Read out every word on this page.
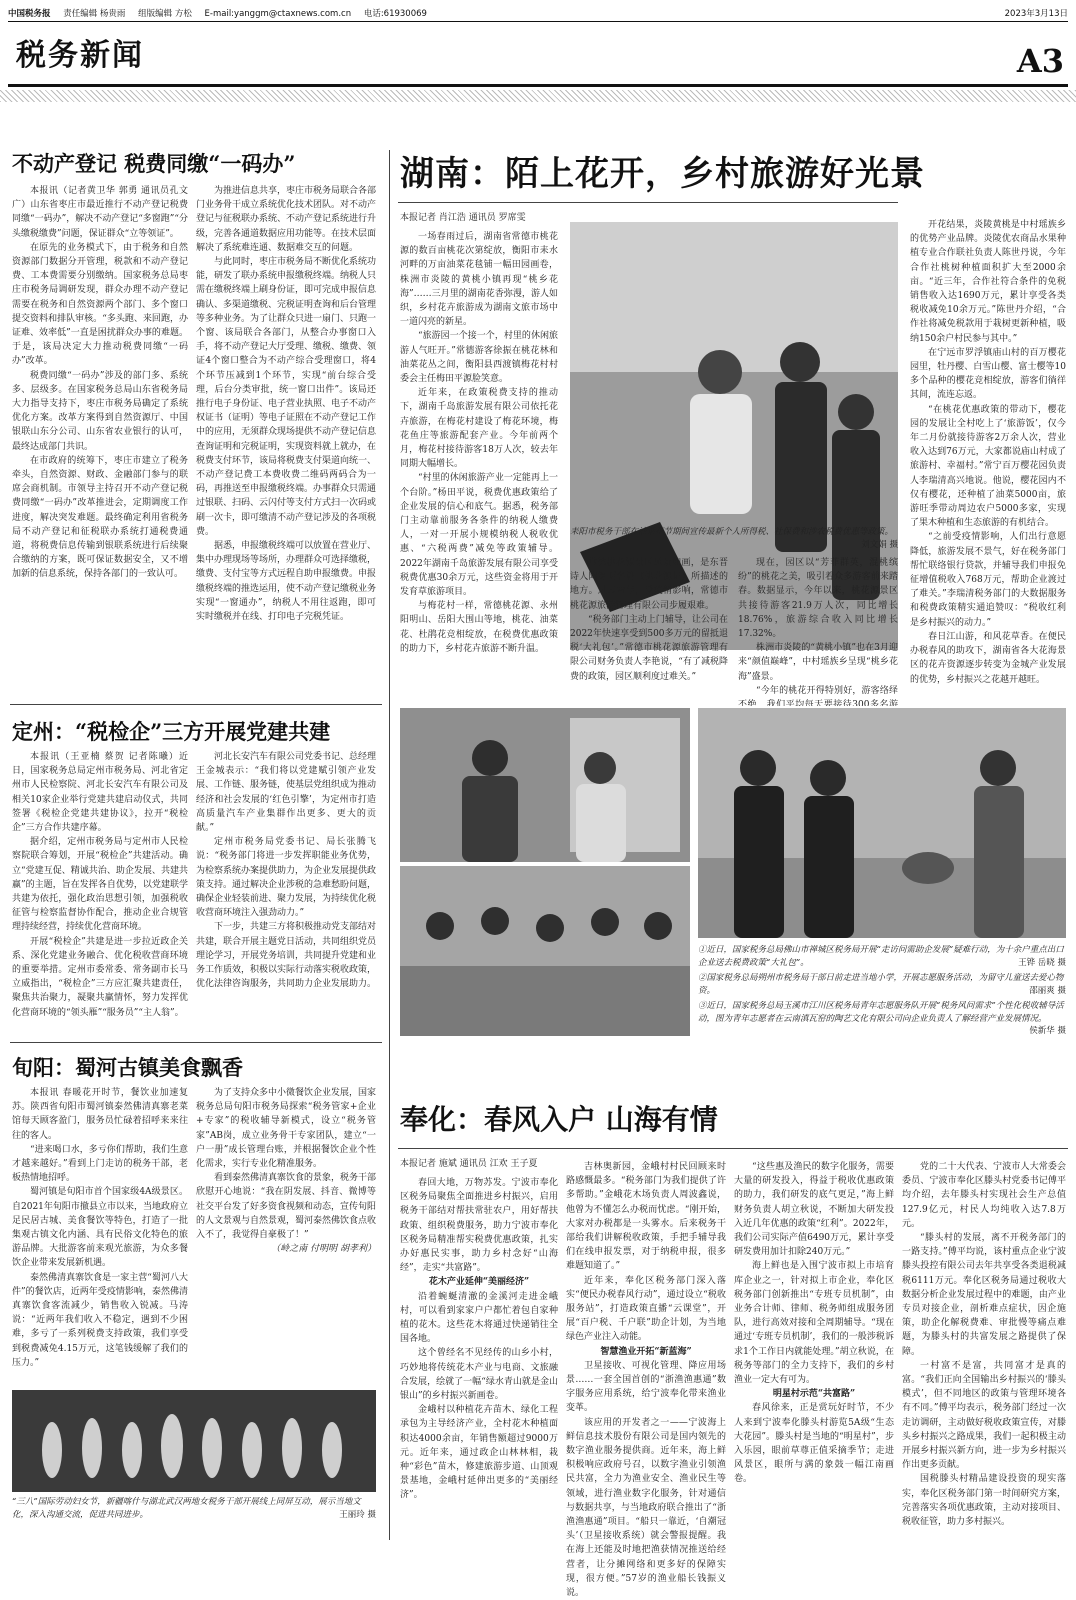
中国税务报 责任编辑 杨贵雨 组版编辑 方松 E-mail:yanggm@ctaxnews.com.cn 电话:61930069	2023年3月13日
税务新闻	A3
不动产登记 税费同缴“一码办”

本报讯（记者黄卫华 郭勇 通讯员孔文广）山东省枣庄市最近推行不动产登记税费同缴“一码办”，解决不动产登记“多窗跑”“分头缴税缴费”问题，保证群众“立等领证”。

在原先的业务模式下，由于税务和自然资源部门数据分开管理，税款和不动产登记费、工本费需要分别缴纳。国家税务总局枣庄市税务局调研发现，群众办理不动产登记需要在税务和自然资源两个部门、多个窗口提交资料和排队审核。“多头跑、来回跑，办证难、效率低”一直是困扰群众办事的难题。于是，该局决定大力推动税费同缴“一码办”改革。

税费同缴“一码办”涉及的部门多、系统多、层级多。在国家税务总局山东省税务局大力指导支持下，枣庄市税务局确定了系统优化方案。改革方案得到自然资源厅、中国银联山东分公司、山东省农业银行的认可，最终达成部门共识。

在市政府的统筹下，枣庄市建立了税务牵头，自然资源、财政、金融部门参与的联席会商机制。市领导主持召开不动产登记税费同缴“一码办”改革推进会，定期调度工作进度，解决突发难题。最终确定利用省税务局不动产登记和征税联办系统打通税费通道，将税费信息传输到银联系统进行后续聚合缴纳的方案，既可保证数据安全，又不增加新的信息系统，保持各部门的一致认可。

为推进信息共享，枣庄市税务局联合各部门业务骨干成立系统优化技术团队。对不动产登记与征税联办系统、不动产登记系统进行升级，完善各通道数据应用功能等。在技术层面解决了系统难连通、数据难交互的问题。

与此同时，枣庄市税务局不断优化系统功能，研发了联办系统申报缴税终端。纳税人只需在缴税终端上刷身份证，即可完成申报信息确认、多渠道缴税、完税证明查询和后台管理等多种业务。为了让群众只进一扇门、只跑一个窗、该局联合各部门，从整合办事窗口入手，将不动产登记大厅受理、缴税、缴费、领证4个窗口整合为不动产综合受理窗口，将4个环节压减到1个环节，实现“前台综合受理，后台分类审批，统一窗口出件”。该局还推行电子身份证、电子营业执照、电子不动产权证书（证明）等电子证照在不动产登记工作中的应用，无须群众现场提供不动产登记信息查询证明和完税证明，实现资料就上就办，在税费支付环节，该局将税费支付渠道向统一、不动产登记费工本费收费二维码两码合为一码，再推送至申报缴税终端。办事群众只需通过银联、扫码、云闪付等支付方式扫一次码或刷一次卡，即可缴清不动产登记涉及的各项税费。

据悉，申报缴税终端可以放置在营业厅、集中办理现场等场所，办理群众可选择缴税，缴费、支付宝等方式远程自助申报缴费。申报缴税终端的推选运用，使不动产登记缴税业务实现“一窗通办”，纳税人不用往返跑，即可实时缴税并在线、打印电子完税凭证。

定州：“税检企”三方开展党建共建

本报讯（王亚楠 蔡贺 记者陈曦）近日，国家税务总局定州市税务局、河北省定州市人民检察院、河北长安汽车有限公司及相关10家企业举行党建共建启动仪式，共同签署《税检企党建共建协议》，拉开“税检企”三方合作共建序幕。

据介绍，定州市税务局与定州市人民检察院联合筹划，开展“税检企”共建活动。确立“党建互促、精诚共治、助企发展、共建共赢”的主题，旨在发挥各自优势，以党建联学共建为依托，强化政治思想引领，加强税收征管与检察监督协作配合，推动企业合规管理持续经营，持续优化营商环境。

开展“税检企”共建是进一步拉近政企关系、深化党建业务融合、优化税收营商环境的重要举措。定州市委常委、常务副市长马立威指出，“税检企”三方应汇聚共建责任，聚焦共治聚力，凝聚共赢情怀，努力发挥优化营商环境的“领头雁”“服务员”“主人翁”。

河北长安汽车有限公司党委书记、总经理王金城表示：“我们将以党建赋引领产业发展、工作链、服务链，使基层党组织成为推动经济和社会发展的‘红色引擎’，为定州市打造高质量汽车产业集群作出更多、更大的贡献。”

定州市税务局党委书记、局长张腾飞说：“税务部门将进一步发挥职能业务优势，为检察系统办案提供助力，为企业发展提供政策支持。通过解决企业涉税的急难愁盼问题，确保企业轻装前进、聚力发展，为持续优化税收营商环境注入强劲动力。”

下一步，共建三方将积极推动党支部结对共建，联合开展主题党日活动，共同组织党员理论学习，开展党务培训，共同提升党建和业务工作质效，积极以实际行动落实税收政策，优化法律咨询服务，共同助力企业发展助力。

旬阳：蜀河古镇美食飘香

本报讯 春暖花开时节，餐饮业加速复苏。陕西省旬阳市蜀河镇泰然佛清真寨老菜馆每天顾客盈门，服务员忙碌着招呼来来往往的客人。

“进来喝口水，多亏你们帮助，我们生意才越来越好。”看到上门走访的税务干部，老板热情地招呼。

蜀河镇是旬阳市首个国家级4A级景区。自2021年旬阳市撤县立市以来，当地政府立足民居古城、美食餐饮等特色，打造了一批集观古镇文化内涵、具有民俗文化特色的旅游品牌。大批游客前来观光旅游，为众多餐饮企业带来发展新机遇。

泰然佛清真寨饮食是一家主营“蜀河八大件”的餐饮店，近两年受疫情影响，泰然佛清真寨饮食客流减少，销售收入锐减。马涛说：“近两年我们收入不稳定，遇到不少困难，多亏了一系列税费支持政策，我们享受到税费减免4.15万元，这笔钱缓解了我们的压力。”

为了支持众多中小微餐饮企业发展，国家税务总局旬阳市税务局探索“税务管家+企业+专家”的税收辅导新模式，设立“税务管家”AB岗，成立业务骨干专家团队，建立“一户一册”成长管理台账，并根据餐饮企业个性化需求，实行专业化精准服务。

看到泰然佛清真寨饮食的景象，税务干部欣慰开心地说：“我在阴发展、抖音、微博等社交平台发了好多资食视频和动态，宣传旬阳的人文景观与自然景观，蜀河泰然佛饮食点收入不了，我觉得自豪极了！”

（岭之南 付明明 胡孝利）

“三八”国际劳动妇女节，新疆喀什与湖北武汉两地女税务干部开展线上同屏互动，展示当地文化，深入沟通交流，促进共同进步。	王丽玲 摄
湖南：陌上花开，乡村旅游好光景
本报记者 肖江浩 通讯员 罗席雯

一场春雨过后，湖南省常德市桃花源的数百亩桃花次第绽放，衡阳市耒水河畔的万亩油菜花毯铺一幅田园画卷，株洲市炎陵的黄桃小镇再现“桃乡花海”……三月里的湖南花香弥漫，游人如织，乡村花卉旅游成为湖南文旅市场中一道闪亮的新星。

“旅游园一个接一个，村里的休闲旅游人气旺开。”常德游客徐振在桃花林和油菜花丛之间，衡阳县西渡镇梅花村村委会主任梅田平源脸笑意。

近年来，在政策税费支持的推动下，湖南千岛旅游发展有限公司依托花卉旅游，在梅花村建设了梅花环境，梅花鱼庄等旅游配套产业。今年前两个月，梅花村接待游客18万人次，较去年同期大幅增长。

“村里的休闲旅游产业一定能再上一个台阶。”杨田平说，税费优惠政策给了企业发展的信心和底气。据悉，税务部门主动靠前服务各条件的纳税人缴费人，一对一开展小规模纳税人税收优惠、“六税两费”减免等政策辅导。2022年湖南千岛旅游发展有限公司享受税费优惠30余万元，这些资金将用于开发育草旅游项目。

与梅花村一样，常德桃花源、永州阳明山、岳阳大围山等地，桃花、油菜花、杜鹃花竞相绽放，在税费优惠政策的助力下，乡村花卉旅游不断升温。

耒阳市税务干部在油菜花节期间宣传最新个人所得税、社保费和涉农税费优惠等政策。
刘文娟 摄

常德桃花源景区风景如画，是东晋诗人陶渊明名篇《桃花源记》所描述的地方。过去两年，受疫情影响，常德市桃花源旅游管理有限公司步履艰难。

“税务部门主动上门辅导，让公司在2022年快速享受到500多万元的留抵退税‘大礼包’。”常德市桃花源旅游管理有限公司财务负责人李艳说，“有了减税降费的政策，园区顺利度过难关。”

现在，园区以“芳菲群英，混桃缤纷”的桃花之美，吸引着众多游客前来踏春。数据显示，今年以来，桃花源景区共接待游客21.9万人次，同比增长18.76%，旅游综合收入同比增长17.32%。

株洲市炎陵的“黄桃小镇”也在3月迎来“颜值巅峰”，中村瑶族乡呈现“桃乡花海”盛景。

“今年的桃花开得特别好，游客络绎

开花结果，炎陵黄桃是中村瑶族乡的优势产业品牌。炎陵优农商品水果种植专业合作联社负责人陈世丹说，今年合作社桃树种植面积扩大至2000余亩。“近三年，合作社符合条件的免税销售收入达1690万元，累计享受各类税收减免10余万元。”陈世丹介绍，“合作社将减免税款用于栽树更新种植，吸纳150余户村民参与其中。”

在宁远市罗浮镇庙山村的百万樱花园里，牡丹樱、白雪山樱、富士樱等10多个品种的樱花竞相绽放，游客们徜徉其间，流连忘返。

“在桃花优惠政策的带动下，樱花园的发展让全村吃上了‘旅游饭’，仅今年二月份就接待游客2万余人次，营业收入达到76万元，大家都说庙山村成了旅游村、幸福村。”常宁百万樱花园负责人李瑞清高兴地说。他说，樱花园内不仅有樱花，还种植了油菜5000亩，旅游旺季带动周边农户5000多家，实现了果木种植和生态旅游的有机结合。

“之前受疫情影响，人们出行意愿降低，旅游发展不景气，好在税务部门帮忙联络银行贷款，并辅导我们申报免征增值税收入768万元，帮助企业渡过了难关。”李瑞清税务部门的大数据服务和税费政策精实通追赞叹：“税收红利是乡村振兴的动力。”

春日江山游，和风花草香。在便民办税春风的助攻下，湖南省各大花海景区的花卉资源逐步转变为金城产业发展的优势，乡村振兴之花越开越旺。

奉化：春风入户 山海有情
本报记者 施斌 通讯员 江欢 王子夏

春回大地，万物苏发。宁波市奉化区税务局聚焦全面推进乡村振兴，启用税务干部结对帮扶常驻农户，用好帮扶政策、组织税费服务，助力宁波市奉化区税务局精准帮实税费优惠政策，扎实办好惠民实事，助力乡村念好“山海经”，走实“共富路”。

花木产业延伸“美丽经济”

沿着蜿蜒清澈的金溪河走进金峨村，可以看到家家户户都忙着包自家种植的花木。这些花木将通过快递销往全国各地。

这个曾经名不见经传的山乡小村，巧妙地将传统花木产业与电商、文旅融合发展，绘就了一幅“绿水青山就是金山银山”的乡村振兴新画卷。

金峨村以种植花卉苗木、绿化工程承包为主导经济产业，全村花木种植面积达4000余亩，年销售额超过9000万元。近年来，通过政企山林林相，栽种“彩色”苗木，修建旅游步道、山顶观景基地，金峨村延伸出更多的“美丽经济”。

吉林奥新园，金峨村村民回顾来时路感慨最多。“税务部门为我们提供了许多帮助。”金峨花木场负责人周波鑫说，他曾为不懂怎么办税而忧虑。“刚开始，大家对办税都是一头雾水。后来税务干部给我们讲解税收政策，手把手辅导我们在线申报发票，对于纳税申报，很多难题知道了。”

近年来，奉化区税务部门深入落实“便民办税春风行动”，通过设立“税收服务站”，打造政策直播“云课堂”，开展“百户税、千户联”助企计划，为当地绿色产业注入动能。

智慧渔业开拓“新蓝海”

卫星接收、可视化管理、降应用场景……一套全国首创的“浙渔渔惠通”数字服务应用系统，给宁波奉化带来渔业变革。

该应用的开发者之一——宁波海上鲜信息技术股份有限公司是国内领先的数字渔业服务提供商。近年来，海上鲜积极响应政府号召，以数字渔业引领渔民共富，全力为渔业安全、渔业民生等领域，进行渔业数字化服务，针对通信与数据共享，与当地政府联合推出了“浙渔渔惠通”项目。“船只一靠近，‘自潮冠头’（卫星接收系统）就会警报提醒。我在海上还能及时地把渔获情况推送给经营者，让分摊网络和更多好的保障实现，很方便。”57岁的渔业船长钱振义说。

“这些惠及渔民的数字化服务，需要大量的研发投入，得益于税收优惠政策的助力，我们研发的底气更足，”海上鲜财务负责人胡立秋说，不断加大研发投入近几年优惠的政策“红利”。2022年，我们公司实际产值6490万元，累计享受研发费用加计扣除240万元。”

海上鲜也是入围宁波市拟上市培育库企业之一，针对拟上市企业，奉化区税务部门创新推出“专班专员机制”，由业务合计师、律师、税务师组成服务团队，进行高效对接和全周期辅导。“现在通过‘专班专员机制’，我们的一般涉税诉求1个工作日内就能处理。”胡立秋说，在税务等部门的全力支持下，我们的乡村渔业一定大有可为。

明星村示范“共富路”

春风徐来，正是赏玩好时节，不少人来到宁波奉化滕头村游览5A级“生态大花园”。滕头村是当地的“明星村”，步入乐园，眼前草尊正值采摘季节；走进风景区，眼所与满的象鼓一幅江南画卷。

党的二十大代表、宁波市人大常委会委员、宁波市奉化区滕头村党委书记傅平均介绍，去年滕头村实现社会生产总值127.9亿元，村民人均纯收入达7.8万元。

“滕头村的发展，离不开税务部门的一路支持。”傅平均说，该村重点企业宁波滕头投控有限公司去年共享受各类退税减税6111万元。奉化区税务局通过税收大数据分析企业发展过程中的难题，由产业专员对接企业，剖析难点症状，因企施策，助企化解税费难、审批慢等痛点难题，为滕头村的共富发展之路提供了保障。

一村富不是富，共同富才是真的富。“我们正向全国输出乡村振兴的‘滕头模式’，但不同地区的政策与管理环境各有不同。”傅平均表示，税务部门经过一次走访调研，主动做好税收政策宣传，对滕头乡村振兴之路成果，我们一起积极主动开展乡村振兴新方向，进一步为乡村振兴作出更多贡献。

国税滕头村精品建设投资的现实落实，奉化区税务部门第一时间研究方案，完善落实各项优惠政策，主动对接项目、税收征管，助力多村振兴。

①近日，国家税务总局佛山市禅城区税务局开展“走访问需助企发展”疑难行动，为十余户重点出口企业送去税费政策“大礼包”。	王铧 岳晓 摄
②国家税务总局朔州市税务局干部日前走进当地小学，开展志愿服务活动，为留守儿童送去爱心物资。	邵丽爽 摄
③近日，国家税务总局玉溪市江川区税务局青年志愿服务队开展“税务风问需求”个性化税收辅导活动，图为青年志愿者在云南滇瓦窑的陶艺文化有限公司向企业负责人了解经营产业发展情况。
侯新华 摄
